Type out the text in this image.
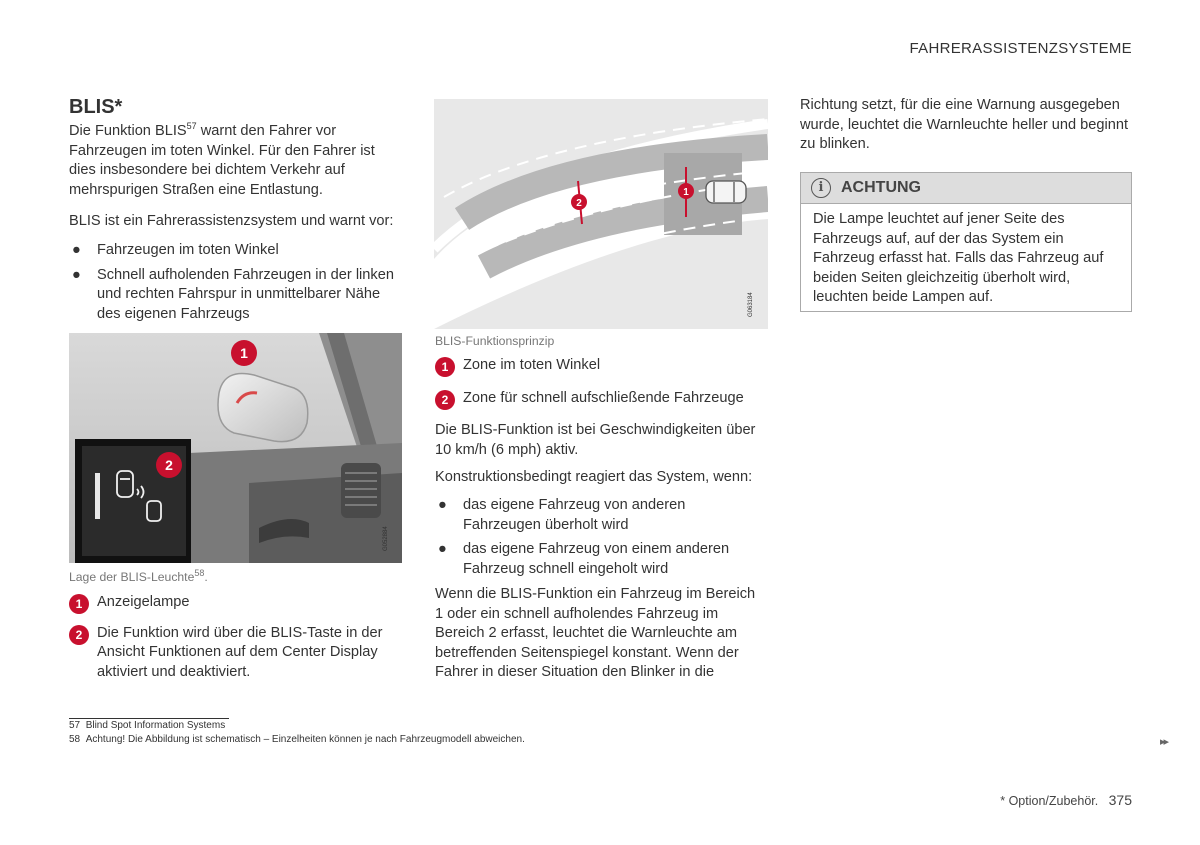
FAHRERASSISTENZSYSTEME
BLIS*

Die Funktion BLIS$^{57}$ warnt den Fahrer vor Fahrzeugen im toten Winkel. Für den Fahrer ist dies insbesondere bei dichtem Verkehr auf mehrspurigen Straßen eine Entlastung.

BLIS ist ein Fahrerassistenzsystem und warnt vor:

● Fahrzeugen im toten Winkel
● Schnell aufholenden Fahrzeugen in der linken und rechten Fahrspur in unmittelbarer Nähe des eigenen Fahrzeugs
1
2
G052884
Lage der BLIS-Leuchte$^{58}$.
1	Anzeigelampe
2	Die Funktion wird über die BLIS-Taste in der Ansicht Funktionen auf dem Center Display aktiviert und deaktiviert.
1
2
G063184
BLIS-Funktionsprinzip
1	Zone im toten Winkel
2	Zone für schnell aufschließende Fahrzeuge

Die BLIS-Funktion ist bei Geschwindigkeiten über 10 km/h (6 mph) aktiv.

Konstruktionsbedingt reagiert das System, wenn:

● das eigene Fahrzeug von anderen Fahrzeugen überholt wird
● das eigene Fahrzeug von einem anderen Fahrzeug schnell eingeholt wird

Wenn die BLIS-Funktion ein Fahrzeug im Bereich 1 oder ein schnell aufholendes Fahrzeug im Bereich 2 erfasst, leuchtet die Warnleuchte am betreffenden Seitenspiegel konstant. Wenn der Fahrer in dieser Situation den Blinker in die

Richtung setzt, für die eine Warnung ausgegeben wurde, leuchtet die Warnleuchte heller und beginnt zu blinken.

i	ACHTUNG
Die Lampe leuchtet auf jener Seite des Fahrzeugs auf, auf der das System ein Fahrzeug erfasst hat. Falls das Fahrzeug auf beiden Seiten gleichzeitig überholt wird, leuchten beide Lampen auf.
57 Blind Spot Information Systems
58 Achtung! Die Abbildung ist schematisch – Einzelheiten können je nach Fahrzeugmodell abweichen.	▸▸
* Option/Zubehör. 375
